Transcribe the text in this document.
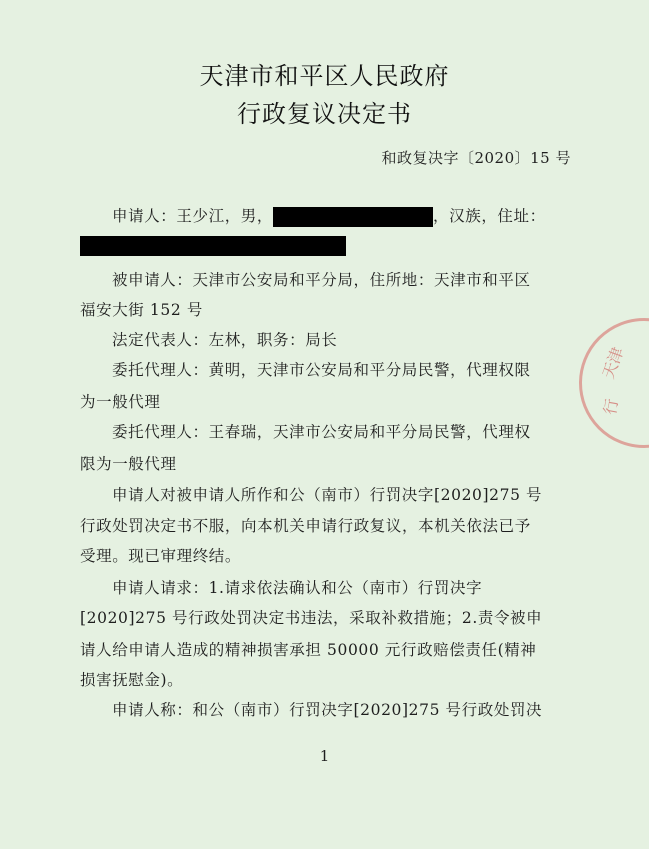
天津市和平区人民政府
行政复议决定书
和政复决字〔2020〕15 号
申请人：王少江，男，	，汉族，住址：
被申请人：天津市公安局和平分局，住所地：天津市和平区
福安大街 152 号
法定代表人：左林，职务：局长
委托代理人：黄明，天津市公安局和平分局民警，代理权限
为一般代理
委托代理人：王春瑞，天津市公安局和平分局民警，代理权
限为一般代理
申请人对被申请人所作和公（南市）行罚决字[2020]275 号
行政处罚决定书不服，向本机关申请行政复议，本机关依法已予
受理。现已审理终结。
申请人请求：1.请求依法确认和公（南市）行罚决字
[2020]275 号行政处罚决定书违法，采取补救措施；2.责令被申
请人给申请人造成的精神损害承担 50000 元行政赔偿责任(精神
损害抚慰金)。
申请人称：和公（南市）行罚决字[2020]275 号行政处罚决
1
天津
行
